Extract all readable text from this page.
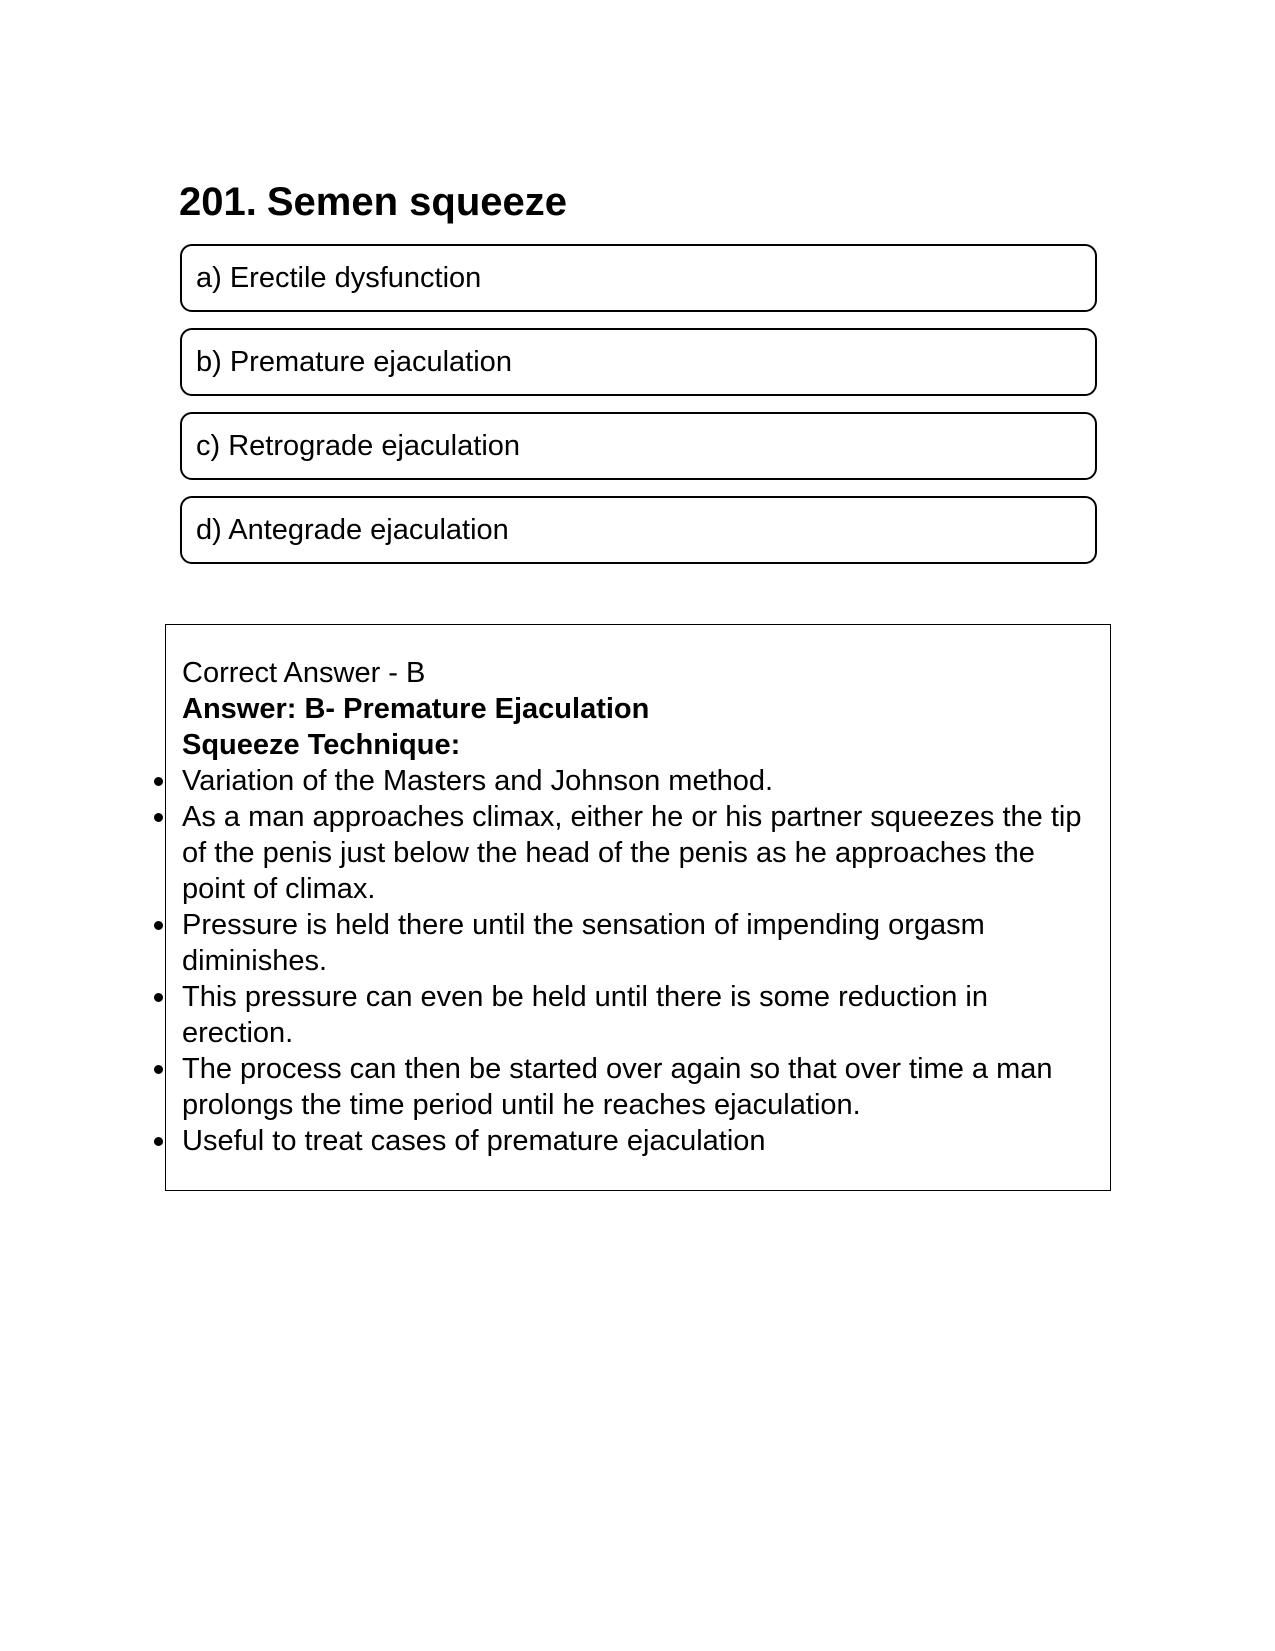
201. Semen squeeze
a) Erectile dysfunction
b) Premature ejaculation
c) Retrograde ejaculation
d) Antegrade ejaculation

Correct Answer - B

Answer: B- Premature Ejaculation

Squeeze Technique:

Variation of the Masters and Johnson method.
As a man approaches climax, either he or his partner squeezes the tip of the penis just below the head of the penis as he approaches the point of climax.
Pressure is held there until the sensation of impending orgasm diminishes.
This pressure can even be held until there is some reduction in erection.
The process can then be started over again so that over time a man prolongs the time period until he reaches ejaculation.
Useful to treat cases of premature ejaculation
